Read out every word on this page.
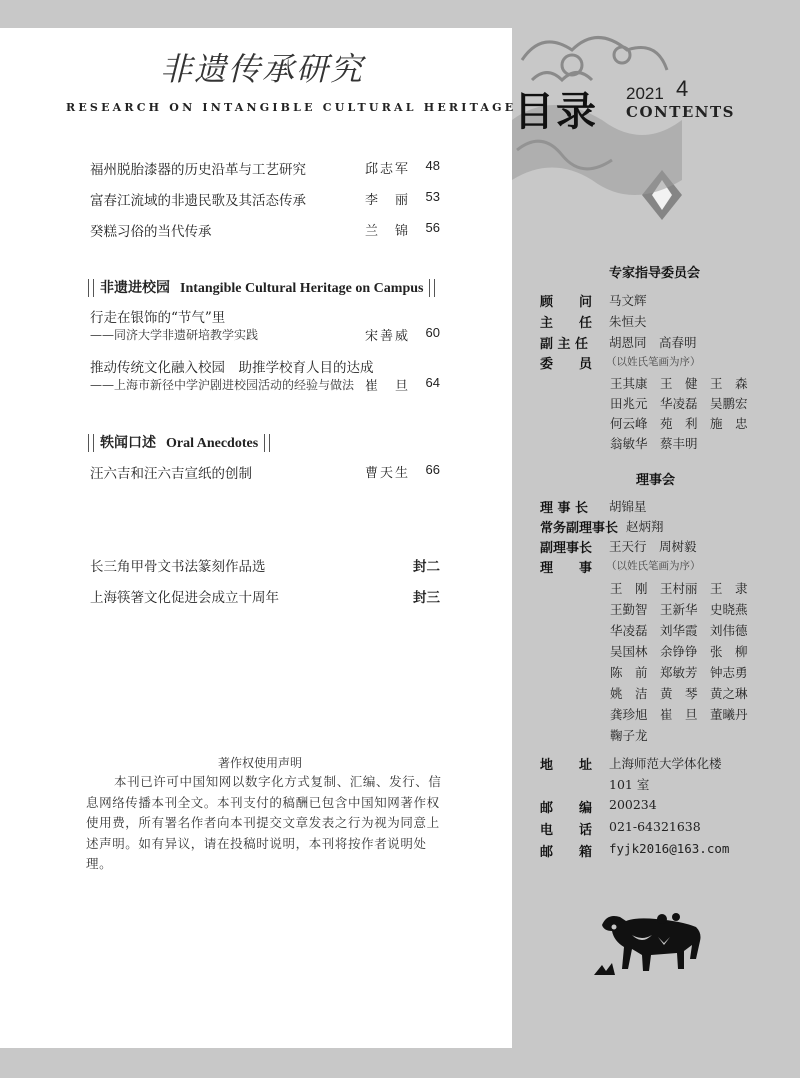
非遗传承研究
RESEARCH ON INTANGIBLE CULTURAL HERITAGE
目录 2021 4
CONTENTS
福州脱胎漆器的历史沿革与工艺研究	邱志军 48
富春江流域的非遗民歌及其活态传承	李　丽 53
癸糕习俗的当代传承	兰　锦 56
非遗进校园 Intangible Cultural Heritage on Campus
行走在银饰的“节气”里
——同济大学非遗研培教学实践	宋善威 60
推动传统文化融入校园　助推学校育人目的达成
——上海市新径中学沪剧进校园活动的经验与做法 崔　旦 64
轶闻口述 Oral Anecdotes
汪六吉和汪六吉宣纸的创制	曹天生 66
长三角甲骨文书法篆刻作品选	封二
上海筷箸文化促进会成立十周年	封三
著作权使用声明
本刊已许可中国知网以数字化方式复制、汇编、发行、信息网络传播本刊全文。本刊支付的稿酬已包含中国知网著作权使用费，所有署名作者向本刊提交文章发表之行为视为同意上述声明。如有异议，请在投稿时说明，本刊将按作者说明处理。
专家指导委员会
顾　　问 马文辉
主　　任 朱恒夫
副 主 任 胡恩同　高春明
委　　员 （以姓氏笔画为序）
王其康　王　健　王　森
田兆元　华凌磊　吴鹏宏
何云峰　苑　利　施　忠
翁敏华　蔡丰明
理事会
理 事 长 胡锦星
常务副理事长 赵炳翔
副理事长 王天行　周树毅
理　　事 （以姓氏笔画为序）
王　刚　王村丽　王　隶
王勤智　王新华　史晓燕
华凌磊　刘华霞　刘伟德
吴国林　余铮铮　张　柳
陈　前　郑敏芳　钟志勇
姚　洁　黄　琴　黄之琳
龚珍旭　崔　旦　董曦丹
鞠子龙
地　　址 上海师范大学体化楼
101 室
邮　　编 200234
电　　话 021-64321638
邮　　箱 fyjk2016@163.com
